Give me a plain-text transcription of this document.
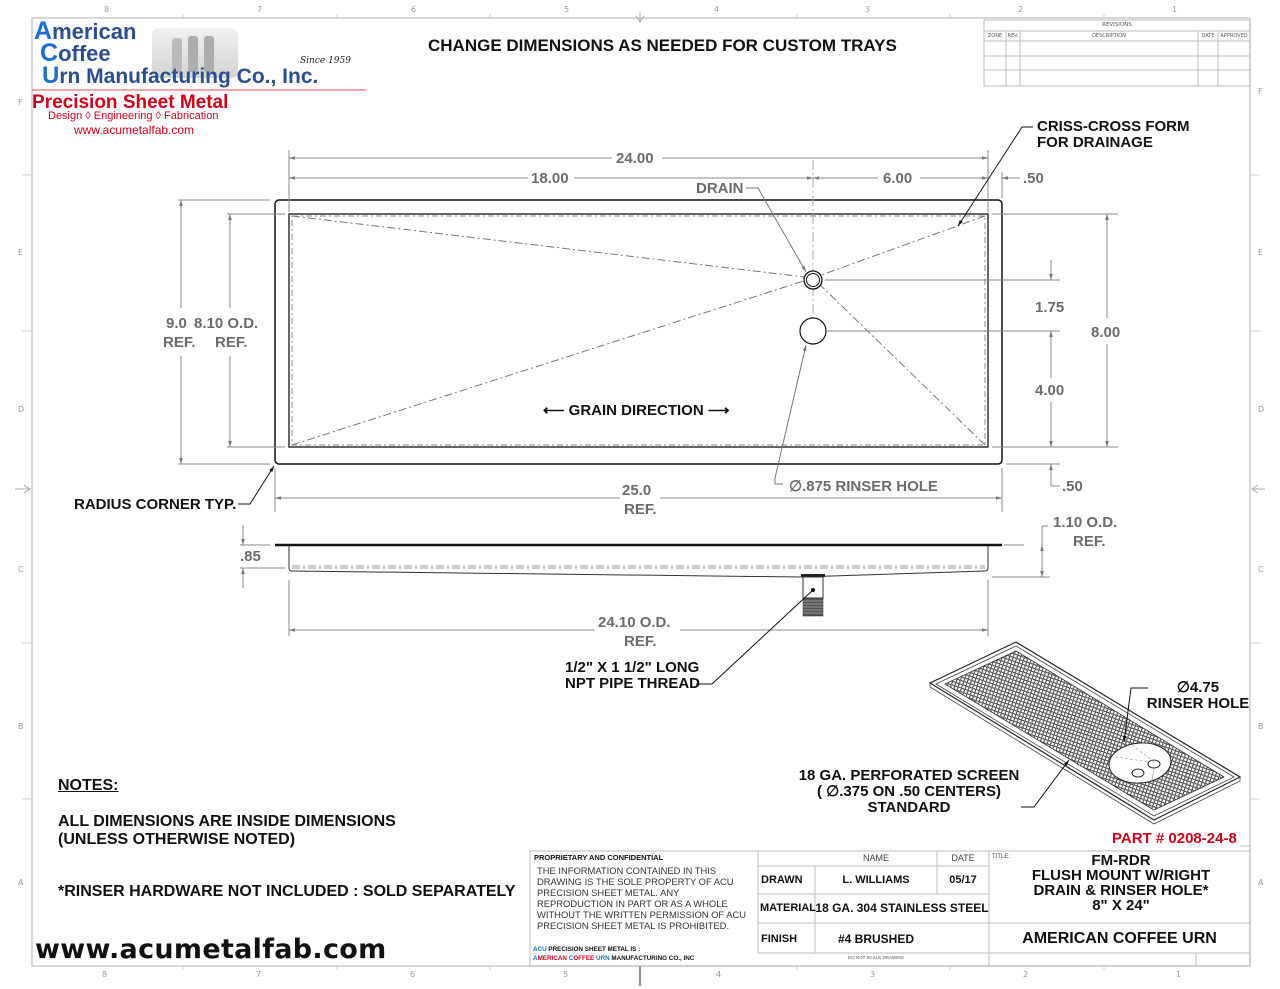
8	7	6	5	4	3	2	1
8	7	6	5	4	3	2	1
F
E
D
C
B
A
F
E
D
C
B
A
American
Coffee
Urn Manufacturing Co., Inc.
Since 1959
Precision Sheet Metal
Design ◊ Engineering ◊ Fabrication
www.acumetalfab.com
CHANGE DIMENSIONS AS NEEDED FOR CUSTOM TRAYS
REVISIONS
ZONE	REV.	DESCRIPTION	DATE	APPROVED
24.00
18.00	6.00	.50
DRAIN
CRISS-CROSS FORM
FOR DRAINAGE
9.0
REF.
8.10 O.D.
REF.
1.75
4.00
8.00
.50
⟵ GRAIN DIRECTION ⟶
∅.875 RINSER HOLE
25.0
REF.
RADIUS CORNER TYP.
.85
1.10 O.D.
REF.
24.10 O.D.
REF.
1/2" X 1 1/2" LONG
NPT PIPE THREAD	∅4.75
RINSER HOLE
18 GA. PERFORATED SCREEN
( ∅.375 ON .50 CENTERS)
STANDARD
PART # 0208-24-8
NOTES:
ALL DIMENSIONS ARE INSIDE DIMENSIONS
(UNLESS OTHERWISE NOTED)
*RINSER HARDWARE NOT INCLUDED : SOLD SEPARATELY
www.acumetalfab.com
PROPRIETARY AND CONFIDENTIAL
THE INFORMATION CONTAINED IN THIS DRAWING IS THE SOLE PROPERTY OF ACU PRECISION SHEET METAL. ANY REPRODUCTION IN PART OR AS A WHOLE WITHOUT THE WRITTEN PERMISSION OF ACU PRECISION SHEET METAL IS PROHIBITED.
ACU PRECISION SHEET METAL IS :
AMERICAN COFFEE URN MANUFACTURING CO., INC
NAME	DATE
DRAWN	L. WILLIAMS	05/17
MATERIAL 18 GA. 304 STAINLESS STEEL
FINISH	#4 BRUSHED
DO NOT SCALE DRAWING
TITLE:	FM-RDR
FLUSH MOUNT W/RIGHT
DRAIN & RINSER HOLE*
8" X 24"
AMERICAN COFFEE URN
